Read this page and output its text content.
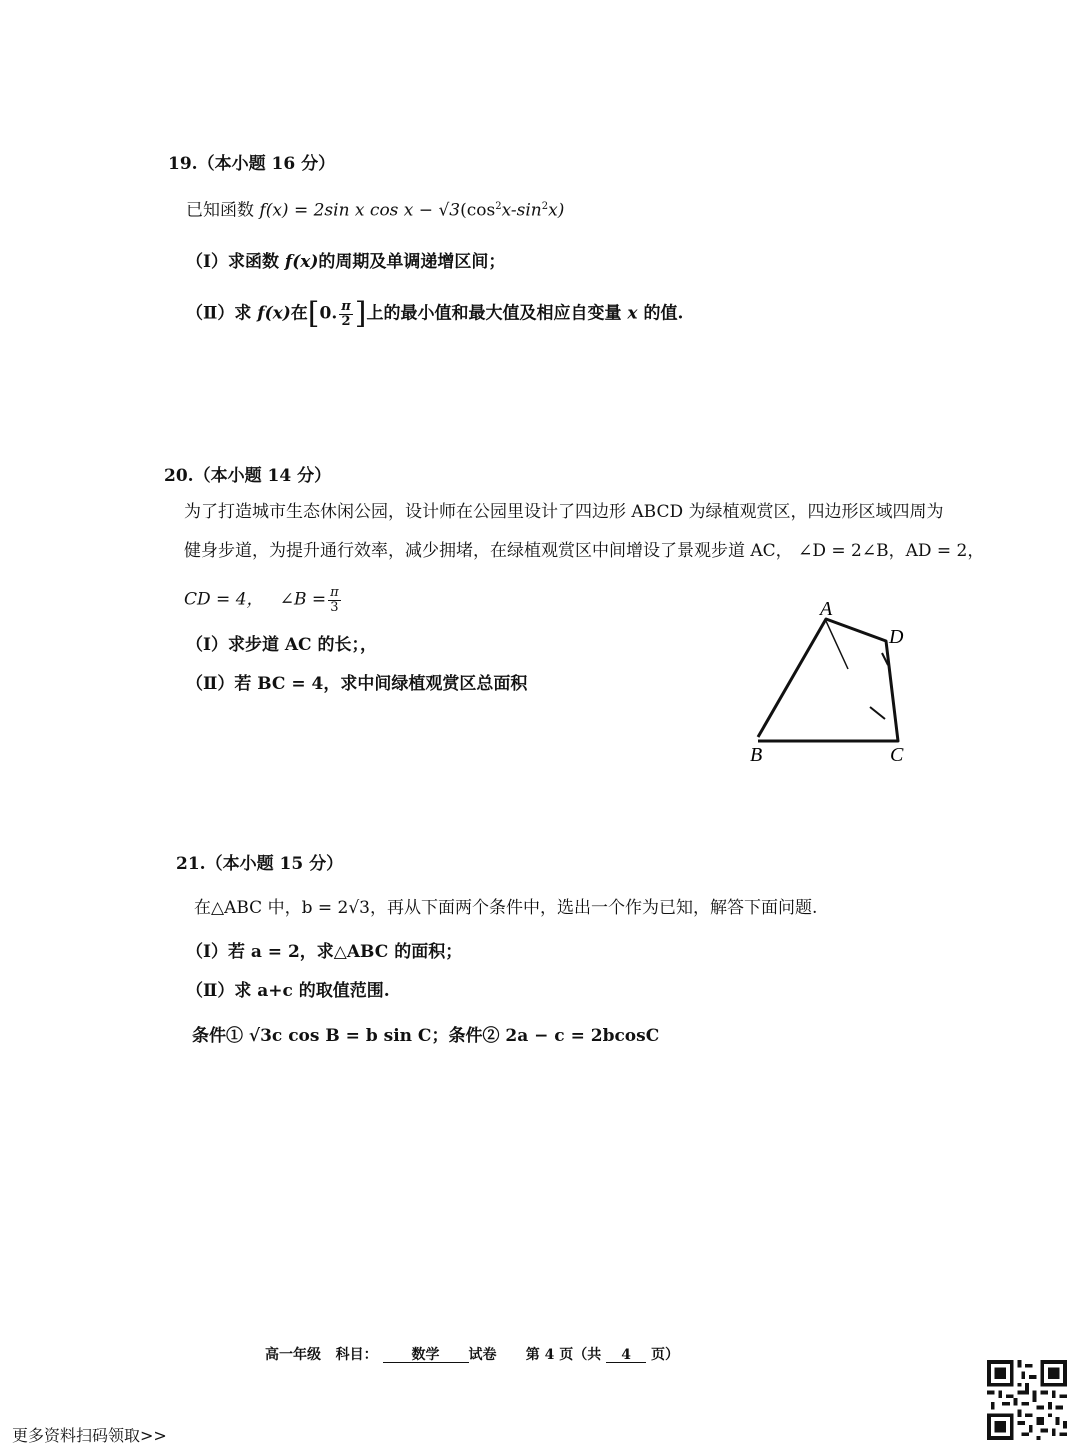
19.（本小题 16 分）
已知函数 f(x) = 2sin x $\cos x - √3(\cos^2x-\sin^2x)$
（Ⅰ）求函数 f(x)的周期及单调递增区间；
（Ⅱ）求 f(x)在[0. $\frac{\pi}{2}$ ]上的最小值和最大值及相应自变量 x 的值.
20.（本小题 14 分）
为了打造城市生态休闲公园，设计师在公园里设计了四边形 ABCD 为绿植观赏区，四边形区域四周为
健身步道，为提升通行效率，减少拥堵，在绿植观赏区中间增设了景观步道 AC， ∠D = 2∠B，AD = 2，
CD = 4， ∠B = $\frac{\pi}{3}$
（Ⅰ）求步道 AC 的长；，
（Ⅱ）若 BC = 4，求中间绿植观赏区总面积
A
D
B	C
21.（本小题 15 分）
在△ABC 中，b = 2√3，再从下面两个条件中，选出一个作为已知，解答下面问题.
（Ⅰ）若 a = 2，求△ABC 的面积；
（Ⅱ）求 a+c 的取值范围.
条件① √3c cos B = b sin C；条件② 2a − c = 2bcosC
高一年级 科目： 数学 试卷 第 4 页（共 4 页）
更多资料扫码领取>>
